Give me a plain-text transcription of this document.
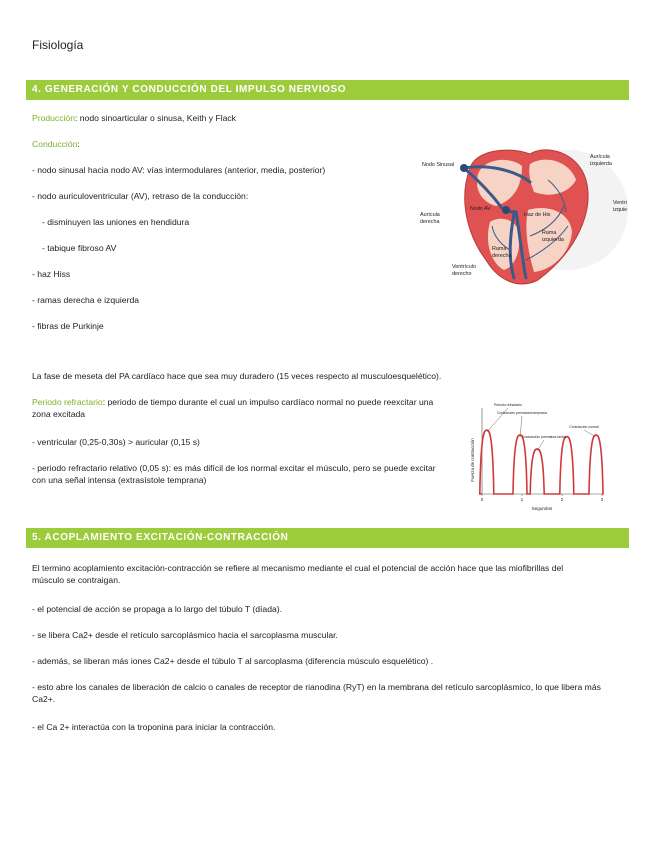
Fisiología
4. GENERACIÓN Y CONDUCCIÓN DEL IMPULSO NERVIOSO
Producción: nodo sinoarticular o sinusa, Keith y Flack
Conducción:
- nodo sinusal hacia nodo AV: vías intermodulares (anterior, media, posterior)
- nodo auriculoventricular (AV), retraso de la conducción:
- disminuyen las uniones en hendidura
- tabique fibroso AV
- haz Hiss
- ramas derecha e izquierda
- fibras de Purkinje
Nodo Sinusal
Aurícula
izquierda
Ventri
izquie
Aurícula
derecha
Nodo AV
Haz de His
Rama
izquierda
Rama
derecha
Ventrículo
derecho
La fase de meseta del PA cardíaco hace que sea muy duradero (15 veces respecto al musculoesquelético).
Periodo refractario: periodo de tiempo durante el cual un impulso cardíaco normal no puede reexcitar una zona excitada
- ventricular (0,25-0,30s) > auricular (0,15 s)
- periodo refractario relativo (0,05 s): es más difícil de los normal excitar el músculo, pero se puede excitar con una señal intensa (extrasístole temprana)	Fuerza de contracción
0	1	2	3
Periodo refractario
Contracción prematura temprana
Contracción prematura tardía
Contracción normal
Segundos
5. ACOPLAMIENTO EXCITACIÓN-CONTRACCIÓN
El termino acoplamiento excitación-contracción se refiere al mecanismo mediante el cual el potencial de acción hace que las miofibrillas del músculo se contraigan.
- el potencial de acción se propaga a lo largo del túbulo T (díada).
- se libera Ca2+ desde el retículo sarcoplásmico hacia el sarcoplasma muscular.
- además, se liberan más iones Ca2+ desde el túbulo T al sarcoplasma (diferencia músculo esquelético) .
- esto abre los canales de liberación de calcio o canales de receptor de rianodina (RyT) en la membrana del retículo sarcoplásmico, lo que libera más Ca2+.
- el Ca 2+ interactúa con la troponina para iniciar la contracción.
